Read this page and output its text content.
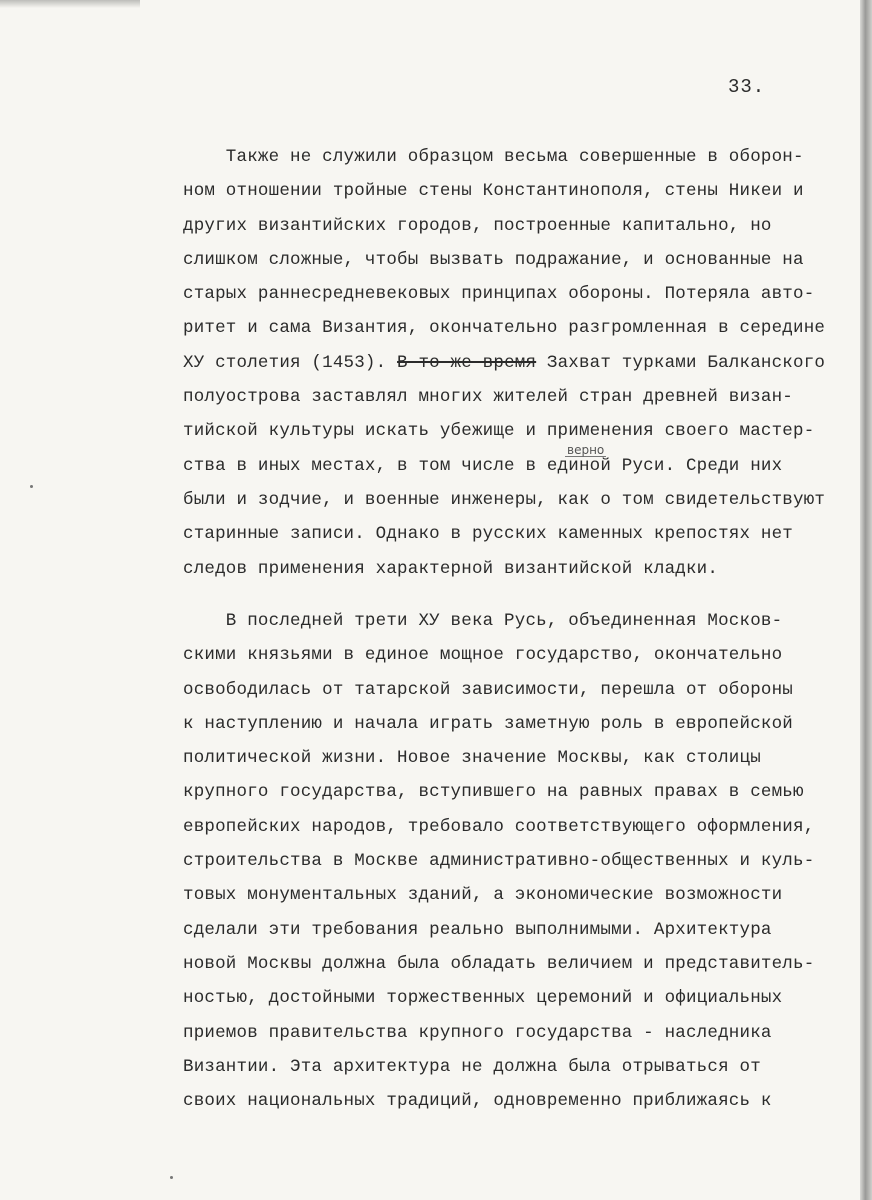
33.
Также не служили образцом весьма совершенные в оборон-
ном отношении тройные стены Константинополя, стены Никеи и
других византийских городов, построенные капитально, но
слишком сложные, чтобы вызвать подражание, и основанные на
старых раннесредневековых принципах обороны. Потеряла авто-
ритет и сама Византия, окончательно разгромленная в середине
ХУ столетия (1453). В то же время Захват турками Балканского
полуострова заставлял многих жителей стран древней визан-
тийской культуры искать убежище и применения своего мастер-
ства в иных местах, в том числе в единой Руси. Среди них
были и зодчие, и военные инженеры, как о том свидетельствуют
старинные записи. Однако в русских каменных крепостях нет
следов применения характерной византийской кладки.
В последней трети ХУ века Русь, объединенная Москов-
скими князьями в единое мощное государство, окончательно
освободилась от татарской зависимости, перешла от обороны
к наступлению и начала играть заметную роль в европейской
политической жизни. Новое значение Москвы, как столицы
крупного государства, вступившего на равных правах в семью
европейских народов, требовало соответствующего оформления,
строительства в Москве административно-общественных и куль-
товых монументальных зданий, а экономические возможности
сделали эти требования реально выполнимыми. Архитектура
новой Москвы должна была обладать величием и представитель-
ностью, достойными торжественных церемоний и официальных
приемов правительства крупного государства - наследника
Византии. Эта архитектура не должна была отрываться от
своих национальных традиций, одновременно приближаясь к
верно
